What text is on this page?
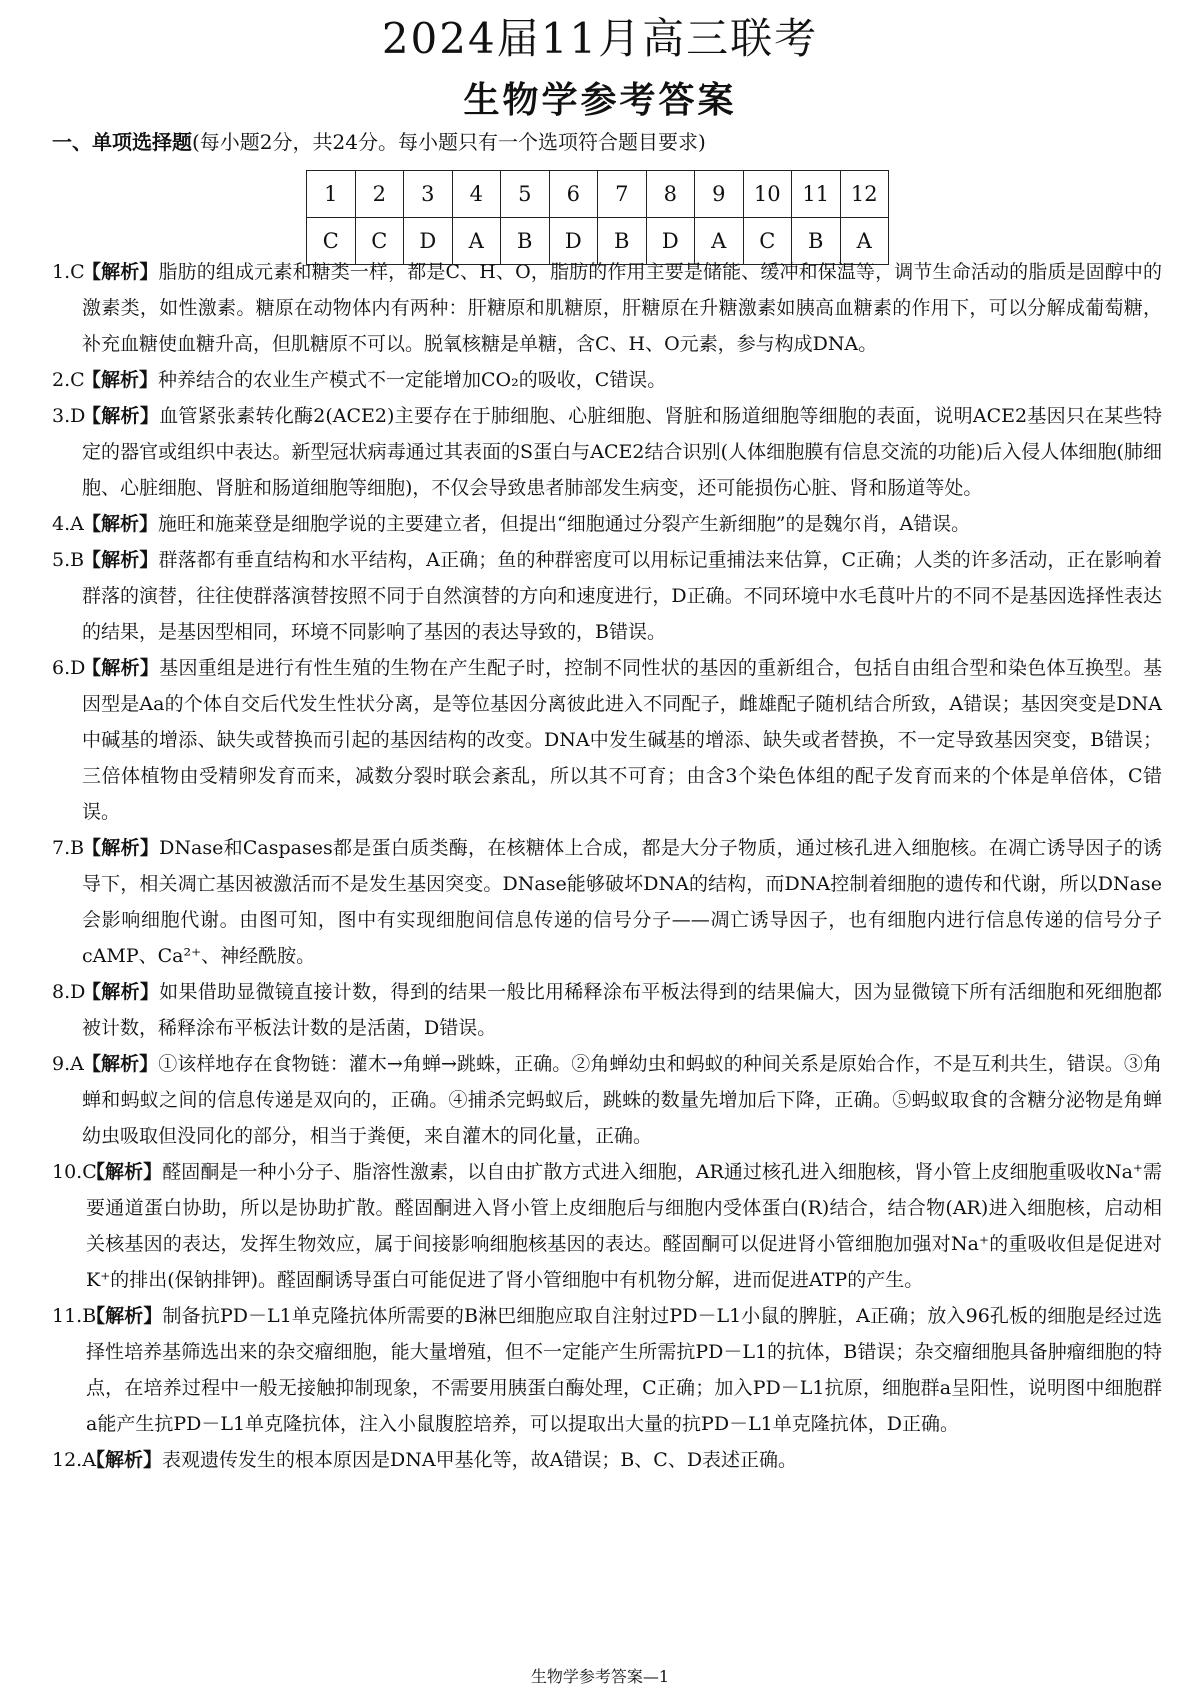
2024届11月高三联考
生物学参考答案
一、单项选择题(每小题2分，共24分。每小题只有一个选项符合题目要求)
1	2	3	4	5	6	7	8	9	10	11	12
C	C	D	A	B	D	B	D	A	C	B	A

1.C
【解析】脂肪的组成元素和糖类一样，都是C、H、O，脂肪的作用主要是储能、缓冲和保温等，调节生命活动的脂质是固醇中的激素类，如性激素。糖原在动物体内有两种：肝糖原和肌糖原，肝糖原在升糖激素如胰高血糖素的作用下，可以分解成葡萄糖，补充血糖使血糖升高，但肌糖原不可以。脱氧核糖是单糖，含C、H、O元素，参与构成DNA。

2.C
【解析】种养结合的农业生产模式不一定能增加CO₂的吸收，C错误。

3.D
【解析】血管紧张素转化酶2(ACE2)主要存在于肺细胞、心脏细胞、肾脏和肠道细胞等细胞的表面，说明ACE2基因只在某些特定的器官或组织中表达。新型冠状病毒通过其表面的S蛋白与ACE2结合识别(人体细胞膜有信息交流的功能)后入侵人体细胞(肺细胞、心脏细胞、肾脏和肠道细胞等细胞)，不仅会导致患者肺部发生病变，还可能损伤心脏、肾和肠道等处。

4.A
【解析】施旺和施莱登是细胞学说的主要建立者，但提出“细胞通过分裂产生新细胞”的是魏尔肖，A错误。

5.B
【解析】群落都有垂直结构和水平结构，A正确；鱼的种群密度可以用标记重捕法来估算，C正确；人类的许多活动，正在影响着群落的演替，往往使群落演替按照不同于自然演替的方向和速度进行，D正确。不同环境中水毛茛叶片的不同不是基因选择性表达的结果，是基因型相同，环境不同影响了基因的表达导致的，B错误。

6.D
【解析】基因重组是进行有性生殖的生物在产生配子时，控制不同性状的基因的重新组合，包括自由组合型和染色体互换型。基因型是Aa的个体自交后代发生性状分离，是等位基因分离彼此进入不同配子，雌雄配子随机结合所致，A错误；基因突变是DNA中碱基的增添、缺失或替换而引起的基因结构的改变。DNA中发生碱基的增添、缺失或者替换，不一定导致基因突变，B错误；三倍体植物由受精卵发育而来，减数分裂时联会紊乱，所以其不可育；由含3个染色体组的配子发育而来的个体是单倍体，C错误。

7.B
【解析】DNase和Caspases都是蛋白质类酶，在核糖体上合成，都是大分子物质，通过核孔进入细胞核。在凋亡诱导因子的诱导下，相关凋亡基因被激活而不是发生基因突变。DNase能够破坏DNA的结构，而DNA控制着细胞的遗传和代谢，所以DNase会影响细胞代谢。由图可知，图中有实现细胞间信息传递的信号分子——凋亡诱导因子，也有细胞内进行信息传递的信号分子cAMP、Ca²⁺、神经酰胺。

8.D
【解析】如果借助显微镜直接计数，得到的结果一般比用稀释涂布平板法得到的结果偏大，因为显微镜下所有活细胞和死细胞都被计数，稀释涂布平板法计数的是活菌，D错误。

9.A
【解析】①该样地存在食物链：灌木→角蝉→跳蛛，正确。②角蝉幼虫和蚂蚁的种间关系是原始合作，不是互利共生，错误。③角蝉和蚂蚁之间的信息传递是双向的，正确。④捕杀完蚂蚁后，跳蛛的数量先增加后下降，正确。⑤蚂蚁取食的含糖分泌物是角蝉幼虫吸取但没同化的部分，相当于粪便，来自灌木的同化量，正确。

10.C
【解析】醛固酮是一种小分子、脂溶性激素，以自由扩散方式进入细胞，AR通过核孔进入细胞核，肾小管上皮细胞重吸收Na⁺需要通道蛋白协助，所以是协助扩散。醛固酮进入肾小管上皮细胞后与细胞内受体蛋白(R)结合，结合物(AR)进入细胞核，启动相关核基因的表达，发挥生物效应，属于间接影响细胞核基因的表达。醛固酮可以促进肾小管细胞加强对Na⁺的重吸收但是促进对K⁺的排出(保钠排钾)。醛固酮诱导蛋白可能促进了肾小管细胞中有机物分解，进而促进ATP的产生。

11.B
【解析】制备抗PD－L1单克隆抗体所需要的B淋巴细胞应取自注射过PD－L1小鼠的脾脏，A正确；放入96孔板的细胞是经过选择性培养基筛选出来的杂交瘤细胞，能大量增殖，但不一定能产生所需抗PD－L1的抗体，B错误；杂交瘤细胞具备肿瘤细胞的特点，在培养过程中一般无接触抑制现象，不需要用胰蛋白酶处理，C正确；加入PD－L1抗原，细胞群a呈阳性，说明图中细胞群a能产生抗PD－L1单克隆抗体，注入小鼠腹腔培养，可以提取出大量的抗PD－L1单克隆抗体，D正确。

12.A
【解析】表观遗传发生的根本原因是DNA甲基化等，故A错误；B、C、D表述正确。

生物学参考答案—1
